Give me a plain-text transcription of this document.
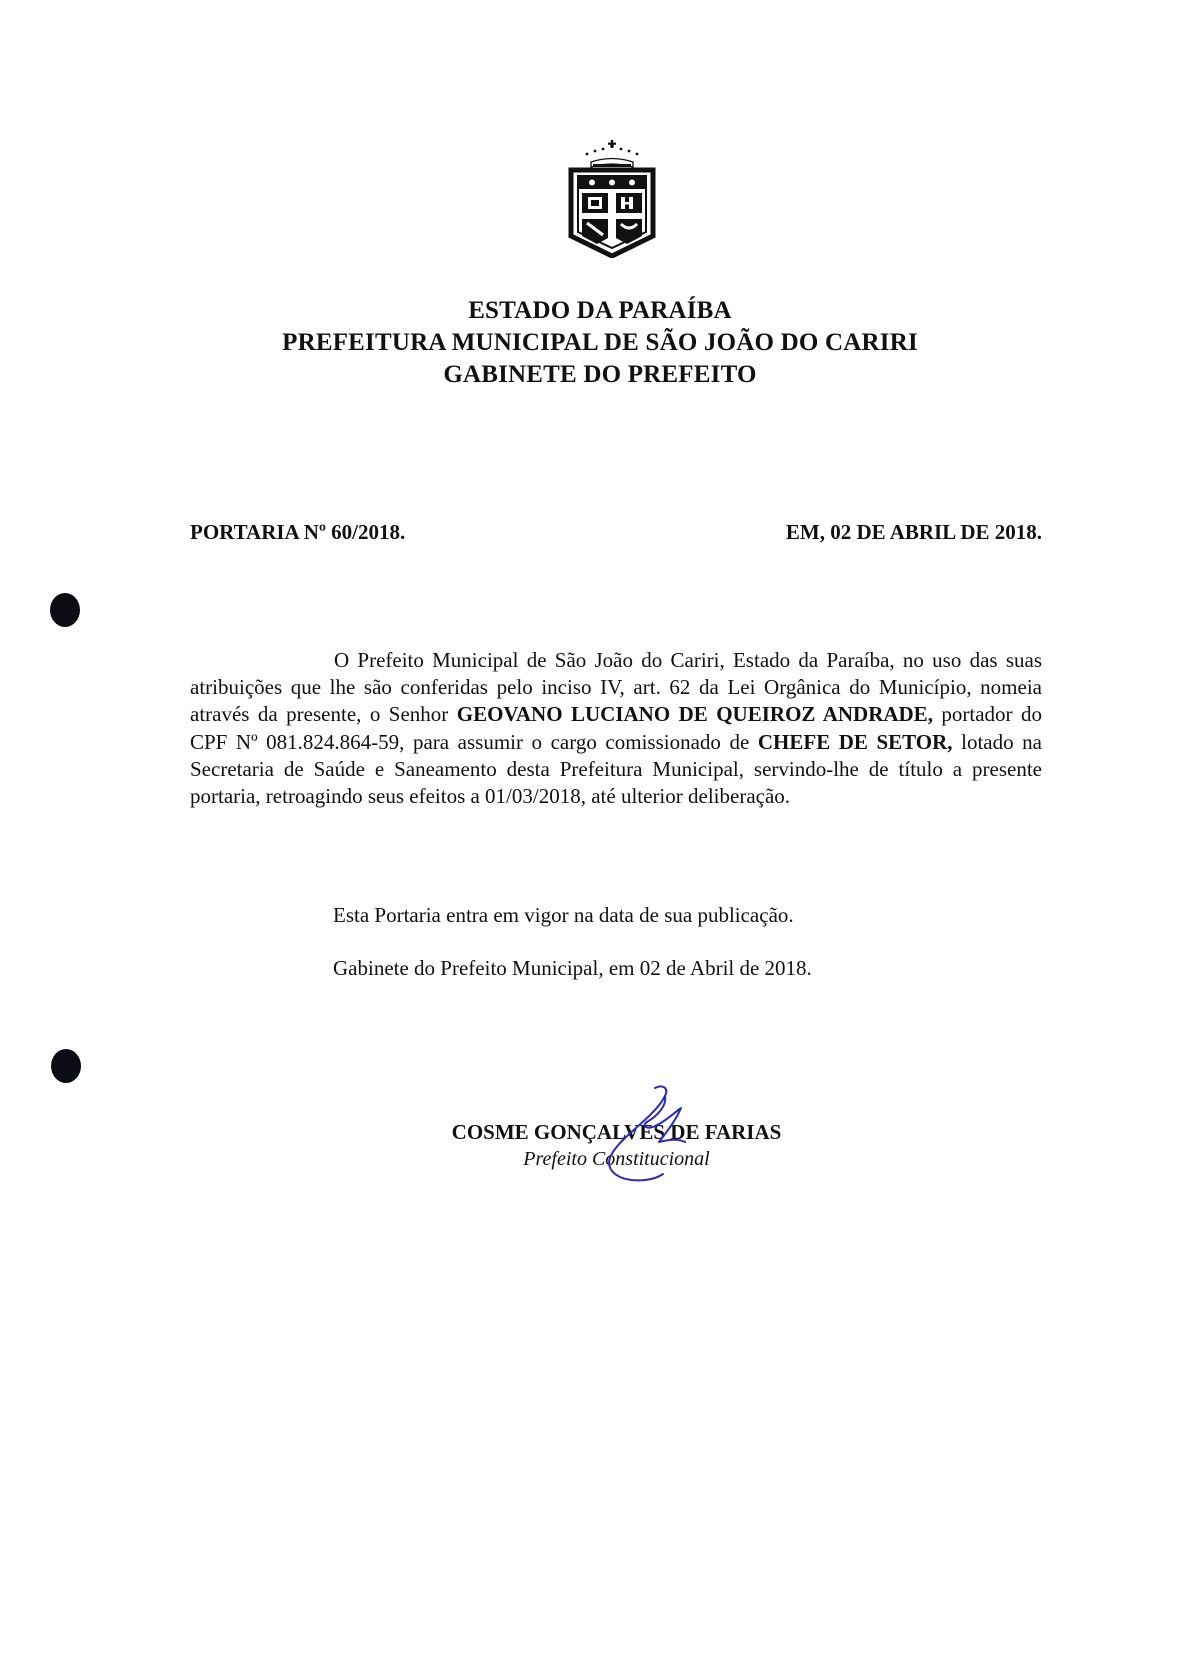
ESTADO DA PARAÍBA
PREFEITURA MUNICIPAL DE SÃO JOÃO DO CARIRI
GABINETE DO PREFEITO
PORTARIA Nº 60/2018.	EM, 02 DE ABRIL DE 2018.

O Prefeito Municipal de São João do Cariri, Estado da Paraíba, no uso das suas atribuições que lhe são conferidas pelo inciso IV, art. 62 da Lei Orgânica do Município, nomeia através da presente, o Senhor GEOVANO LUCIANO DE QUEIROZ ANDRADE, portador do CPF Nº 081.824.864-59, para assumir o cargo comissionado de CHEFE DE SETOR, lotado na Secretaria de Saúde e Saneamento desta Prefeitura Municipal, servindo-lhe de título a presente portaria, retroagindo seus efeitos a 01/03/2018, até ulterior deliberação.

Esta Portaria entra em vigor na data de sua publicação.
Gabinete do Prefeito Municipal, em 02 de Abril de 2018.
COSME GONÇALVES DE FARIAS
Prefeito Constitucional
